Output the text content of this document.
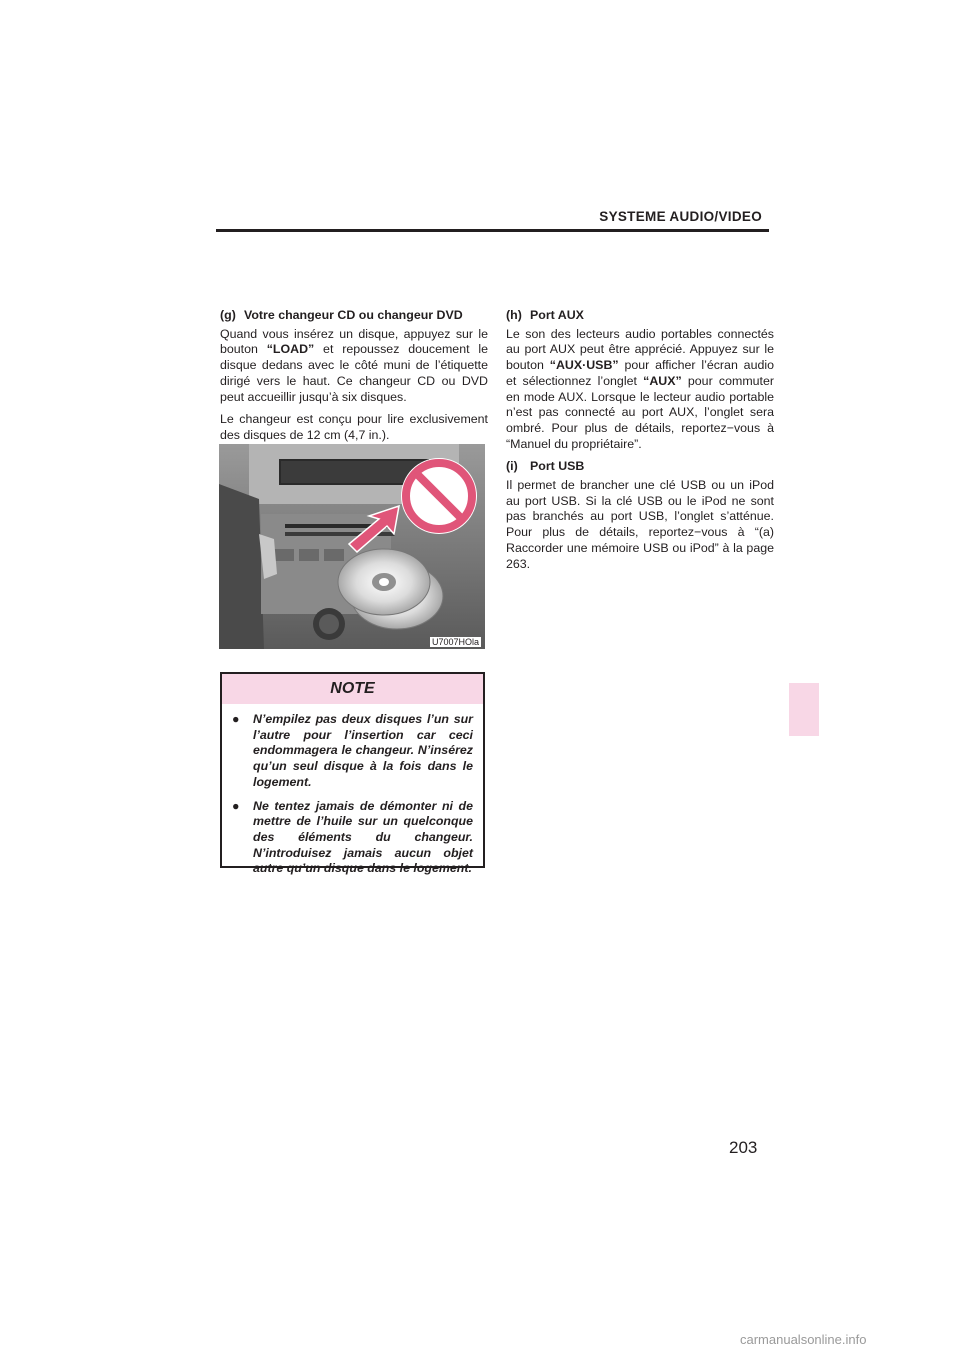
SYSTEME AUDIO/VIDEO
(g) Votre changeur CD ou changeur DVD

Quand vous insérez un disque, appuyez sur le bouton “LOAD” et repoussez doucement le disque dedans avec le côté muni de l’étiquette dirigé vers le haut. Ce changeur CD ou DVD peut accueillir jusqu’à six disques.

Le changeur est conçu pour lire exclusivement des disques de 12 cm (4,7 in.).

U7007HOla
NOTE
●	N’empilez pas deux disques l’un sur l’autre pour l’insertion car ceci endommagera le changeur. N’insérez qu’un seul disque à la fois dans le logement.
●	Ne tentez jamais de démonter ni de mettre de l’huile sur un quelconque des éléments du changeur. N’introduisez jamais aucun objet autre qu’un disque dans le logement.
(h) Port AUX

Le son des lecteurs audio portables connectés au port AUX peut être apprécié. Appuyez sur le bouton “AUX·USB” pour afficher l’écran audio et sélectionnez l’onglet “AUX” pour commuter en mode AUX. Lorsque le lecteur audio portable n’est pas connecté au port AUX, l’onglet sera ombré. Pour plus de détails, reportez−vous à “Manuel du propriétaire”.

(i) Port USB

Il permet de brancher une clé USB ou un iPod au port USB. Si la clé USB ou le iPod ne sont pas branchés au port USB, l’onglet s’atténue. Pour plus de détails, reportez−vous à “(a) Raccorder une mémoire USB ou iPod” à la page 263.

203
carmanualsonline.info
